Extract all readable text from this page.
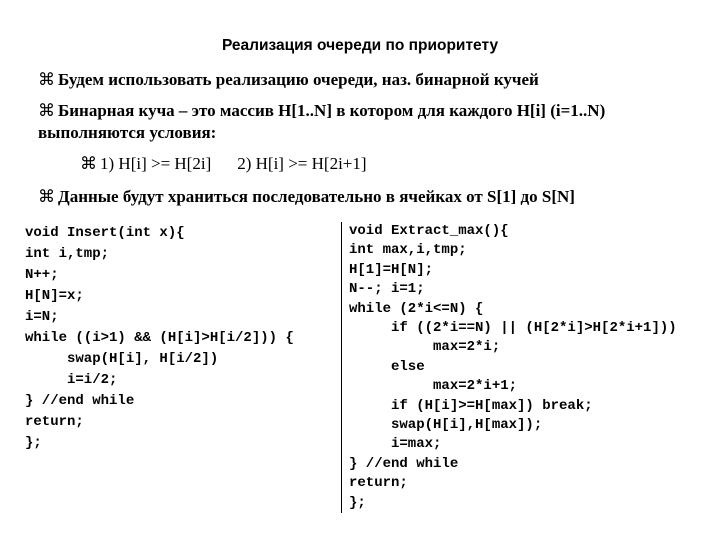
Реализация очереди по приоритету
⌘ Будем использовать реализацию очереди, наз. бинарной кучей
⌘ Бинарная куча – это массив H[1..N] в котором для каждого H[i] (i=1..N)
выполняются условия:
⌘ 1) H[i] >= H[2i] 2) H[i] >= H[2i+1]
⌘ Данные будут храниться последовательно в ячейках от S[1] до S[N]
void Insert(int x){
int i,tmp;
N++;
H[N]=x;
i=N;
while ((i>1) && (H[i]>H[i/2])) {
swap(H[i], H[i/2])
i=i/2;
} //end while
return;
};
void Extract_max(){
int max,i,tmp;
H[1]=H[N];
N--; i=1;
while (2*i<=N) {
if ((2*i==N) || (H[2*i]>H[2*i+1]))
max=2*i;
else
max=2*i+1;
if (H[i]>=H[max]) break;
swap(H[i],H[max]);
i=max;
} //end while
return;
};
